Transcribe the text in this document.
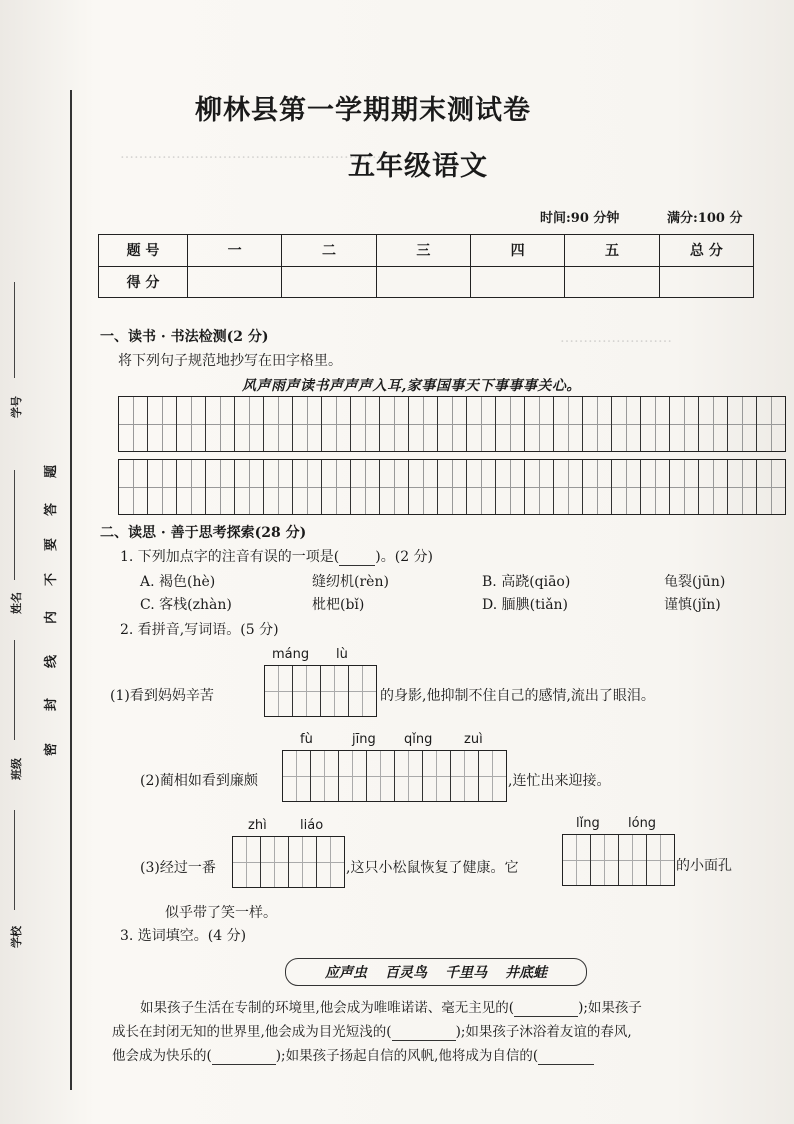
学号
姓名
班级
学校
密
封
线
内
不
要
答
题
……………………………………………………
……………………
柳林县第一学期期末测试卷
五年级语文
时间:90 分钟	满分:100 分
题 号	一	二	三	四	五	总 分
得 分						
一、读书 · 书法检测(2 分)
将下列句子规范地抄写在田字格里。
风声雨声读书声声声入耳,家事国事天下事事事关心。
二、读思 · 善于思考探索(28 分)
1. 下列加点字的注音有误的一项是(	)。(2 分)
A. 褐色(hè)	缝纫机(rèn)	B. 高跷(qiāo)	龟裂(jūn)
C. 客栈(zhàn)	枇杷(bǐ)	D. 腼腆(tiǎn)	谨慎(jǐn)
2. 看拼音,写词语。(5 分)
máng lù
(1)看到妈妈辛苦	的身影,他抑制不住自己的感情,流出了眼泪。
fù	jīng qǐng zuì
(2)蔺相如看到廉颇	,连忙出来迎接。
zhì	liáo	lǐng lóng
(3)经过一番	,这只小松鼠恢复了健康。它	的小面孔
似乎带了笑一样。
3. 选词填空。(4 分)
应声虫 百灵鸟 千里马 井底蛙
如果孩子生活在专制的环境里,他会成为唯唯诺诺、毫无主见的(	);如果孩子
成长在封闭无知的世界里,他会成为目光短浅的(	);如果孩子沐浴着友谊的春风,
他会成为快乐的(	);如果孩子扬起自信的风帆,他将成为自信的(
